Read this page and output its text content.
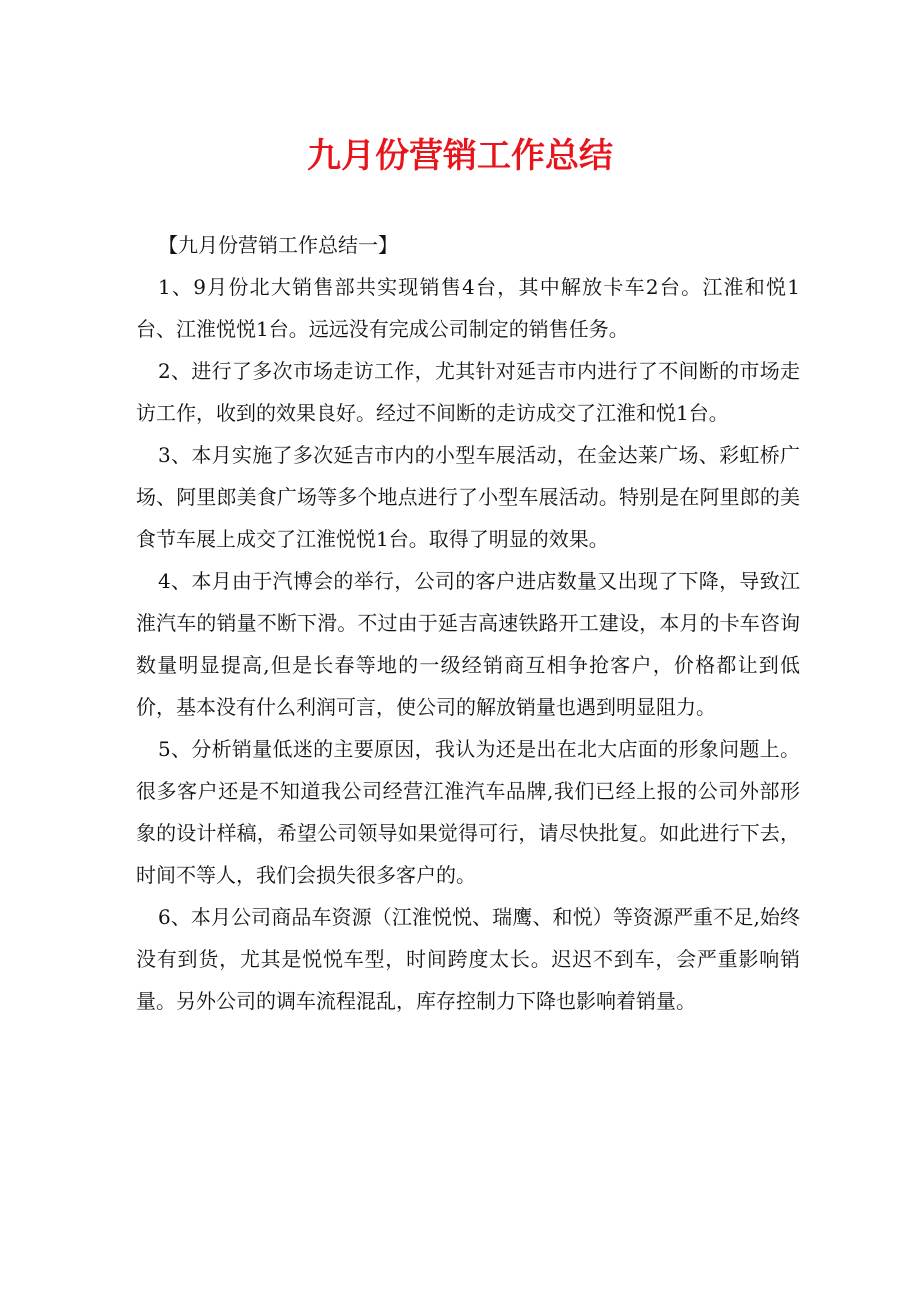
九月份营销工作总结

【九月份营销工作总结一】

1、9月份北大销售部共实现销售4台，其中解放卡车2台。江淮和悦1台、江淮悦悦1台。远远没有完成公司制定的销售任务。

2、进行了多次市场走访工作，尤其针对延吉市内进行了不间断的市场走访工作，收到的效果良好。经过不间断的走访成交了江淮和悦1台。

3、本月实施了多次延吉市内的小型车展活动，在金达莱广场、彩虹桥广场、阿里郎美食广场等多个地点进行了小型车展活动。特别是在阿里郎的美食节车展上成交了江淮悦悦1台。取得了明显的效果。

4、本月由于汽博会的举行，公司的客户进店数量又出现了下降，导致江淮汽车的销量不断下滑。不过由于延吉高速铁路开工建设，本月的卡车咨询数量明显提高,但是长春等地的一级经销商互相争抢客户，价格都让到低价，基本没有什么利润可言，使公司的解放销量也遇到明显阻力。

5、分析销量低迷的主要原因，我认为还是出在北大店面的形象问题上。很多客户还是不知道我公司经营江淮汽车品牌,我们已经上报的公司外部形象的设计样稿，希望公司领导如果觉得可行，请尽快批复。如此进行下去，时间不等人，我们会损失很多客户的。

6、本月公司商品车资源（江淮悦悦、瑞鹰、和悦）等资源严重不足,始终没有到货，尤其是悦悦车型，时间跨度太长。迟迟不到车，会严重影响销量。另外公司的调车流程混乱，库存控制力下降也影响着销量。
